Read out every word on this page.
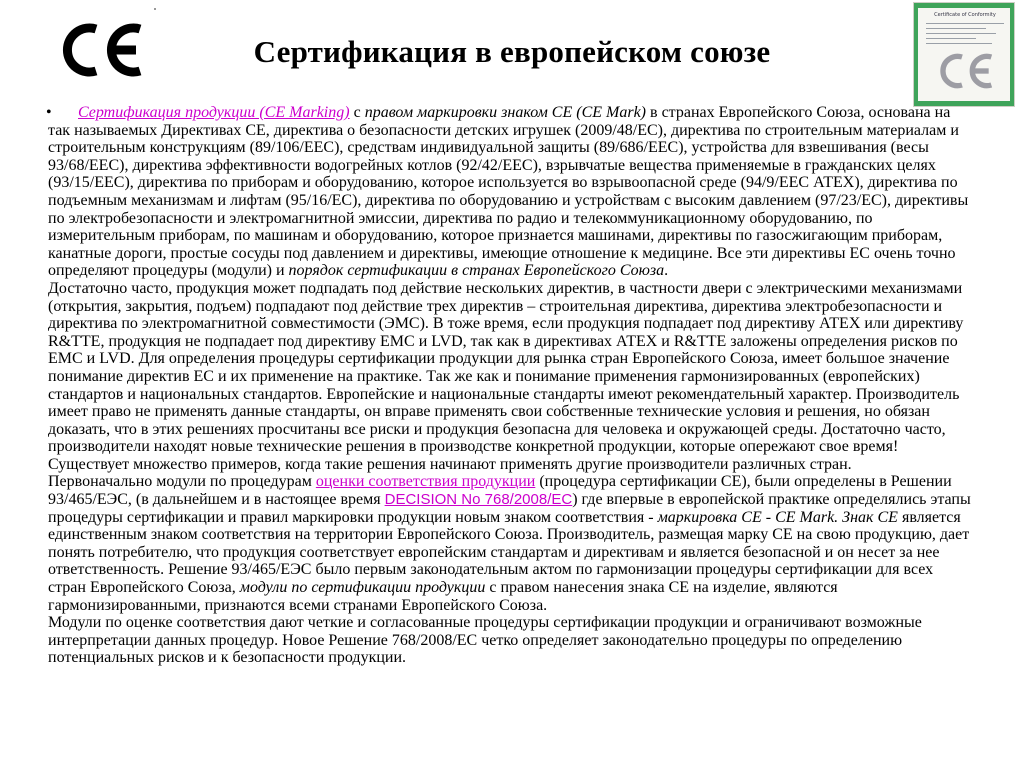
Сертификация в европейском союзе
Certificate of Conformity
•	Сертификация продукции (CE Marking) с правом маркировки знаком CE (CE Mark) в странах Европейского Союза, основана на так называемых Директивах СЕ, директива о безопасности детских игрушек (2009/48/EC), директива по строительным материалам и строительным конструкциям (89/106/ЕЕС), средствам индивидуальной защиты (89/686/ЕЕС), устройства для взвешивания (весы 93/68/ЕЕС), директива эффективности водогрейных котлов (92/42/ЕЕС), взрывчатые вещества применяемые в гражданских целях (93/15/ЕЕС), директива по приборам и оборудованию, которое используется во взрывоопасной среде (94/9/ЕЕС АТЕХ), директива по подъемным механизмам и лифтам (95/16/ЕС), директива по оборудованию и устройствам с высоким давлением (97/23/ЕС), директивы по электробезопасности и электромагнитной эмиссии, директива по радио и телекоммуникационному оборудованию, по измерительным приборам, по машинам и оборудованию, которое признается машинами, директивы по газосжигающим приборам, канатные дороги, простые сосуды под давлением и директивы, имеющие отношение к медицине. Все эти директивы ЕС очень точно определяют процедуры (модули) и порядок сертификации в странах Европейского Союза.

Достаточно часто, продукция может подпадать под действие нескольких директив, в частности двери с электрическими механизмами (открытия, закрытия, подъем) подпадают под действие трех директив – строительная директива, директива электробезопасности и директива по электромагнитной совместимости (ЭМС). В тоже время, если продукция подпадает под директиву АТЕХ или директиву R&TTE, продукция не подпадает под директиву EMC и LVD, так как в директивах АТЕХ и R&TTE заложены определения рисков по EMC и LVD. Для определения процедуры сертификации продукции для рынка стран Европейского Союза, имеет большое значение понимание директив ЕС и их применение на практике. Так же как и понимание применения гармонизированных (европейских) стандартов и национальных стандартов. Европейские и национальные стандарты имеют рекомендательный характер. Производитель имеет право не применять данные стандарты, он вправе применять свои собственные технические условия и решения, но обязан доказать, что в этих решениях просчитаны все риски и продукция безопасна для человека и окружающей среды. Достаточно часто, производители находят новые технические решения в производстве конкретной продукции, которые опережают свое время! Существует множество примеров, когда такие решения начинают применять другие производители различных стран.

Первоначально модули по процедурам оценки соответствия продукции (процедура сертификации CE), были определены в Решении 93/465/ЕЭС, (в дальнейшем и в настоящее время DECISION No 768/2008/EC) где впервые в европейской практике определялись этапы процедуры сертификации и правил маркировки продукции новым знаком соответствия - маркировка CE - CE Mark. Знак CE является единственным знаком соответствия на территории Европейского Союза. Производитель, размещая марку CE на свою продукцию, дает понять потребителю, что продукция соответствует европейским стандартам и директивам и является безопасной и он несет за нее ответственность. Решение 93/465/ЕЭС было первым законодательным актом по гармонизации процедуры сертификации для всех стран Европейского Союза, модули по сертификации продукции с правом нанесения знака CE на изделие, являются гармонизированными, признаются всеми странами Европейского Союза.

Модули по оценке соответствия дают четкие и согласованные процедуры сертификации продукции и ограничивают возможные интерпретации данных процедур. Новое Решение 768/2008/ЕС четко определяет законодательно процедуры по определению потенциальных рисков и к безопасности продукции.
